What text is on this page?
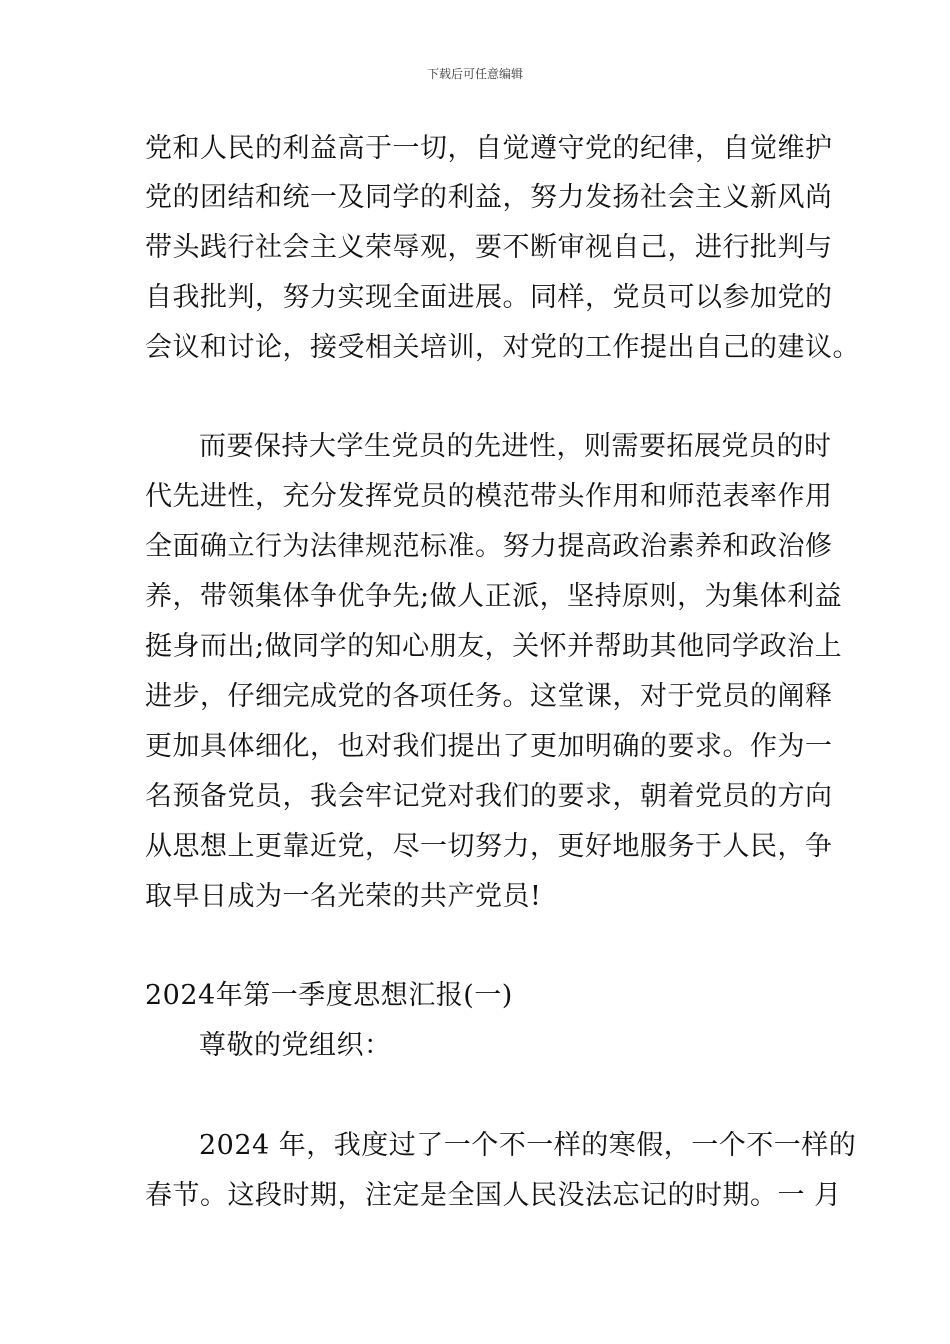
下载后可任意编辑
党和人民的利益高于一切，自觉遵守党的纪律，自觉维护
党的团结和统一及同学的利益，努力发扬社会主义新风尚
带头践行社会主义荣辱观，要不断审视自己，进行批判与
自我批判，努力实现全面进展。同样，党员可以参加党的
会议和讨论，接受相关培训，对党的工作提出自己的建议。
而要保持大学生党员的先进性，则需要拓展党员的时
代先进性，充分发挥党员的模范带头作用和师范表率作用
全面确立行为法律规范标准。努力提高政治素养和政治修
养，带领集体争优争先;做人正派，坚持原则，为集体利益
挺身而出;做同学的知心朋友，关怀并帮助其他同学政治上
进步，仔细完成党的各项任务。这堂课，对于党员的阐释
更加具体细化，也对我们提出了更加明确的要求。作为一
名预备党员，我会牢记党对我们的要求，朝着党员的方向
从思想上更靠近党，尽一切努力，更好地服务于人民，争
取早日成为一名光荣的共产党员!
2024年第一季度思想汇报(一)
尊敬的党组织：
2024 年，我度过了一个不一样的寒假，一个不一样的
春节。这段时期，注定是全国人民没法忘记的时期。一 月
